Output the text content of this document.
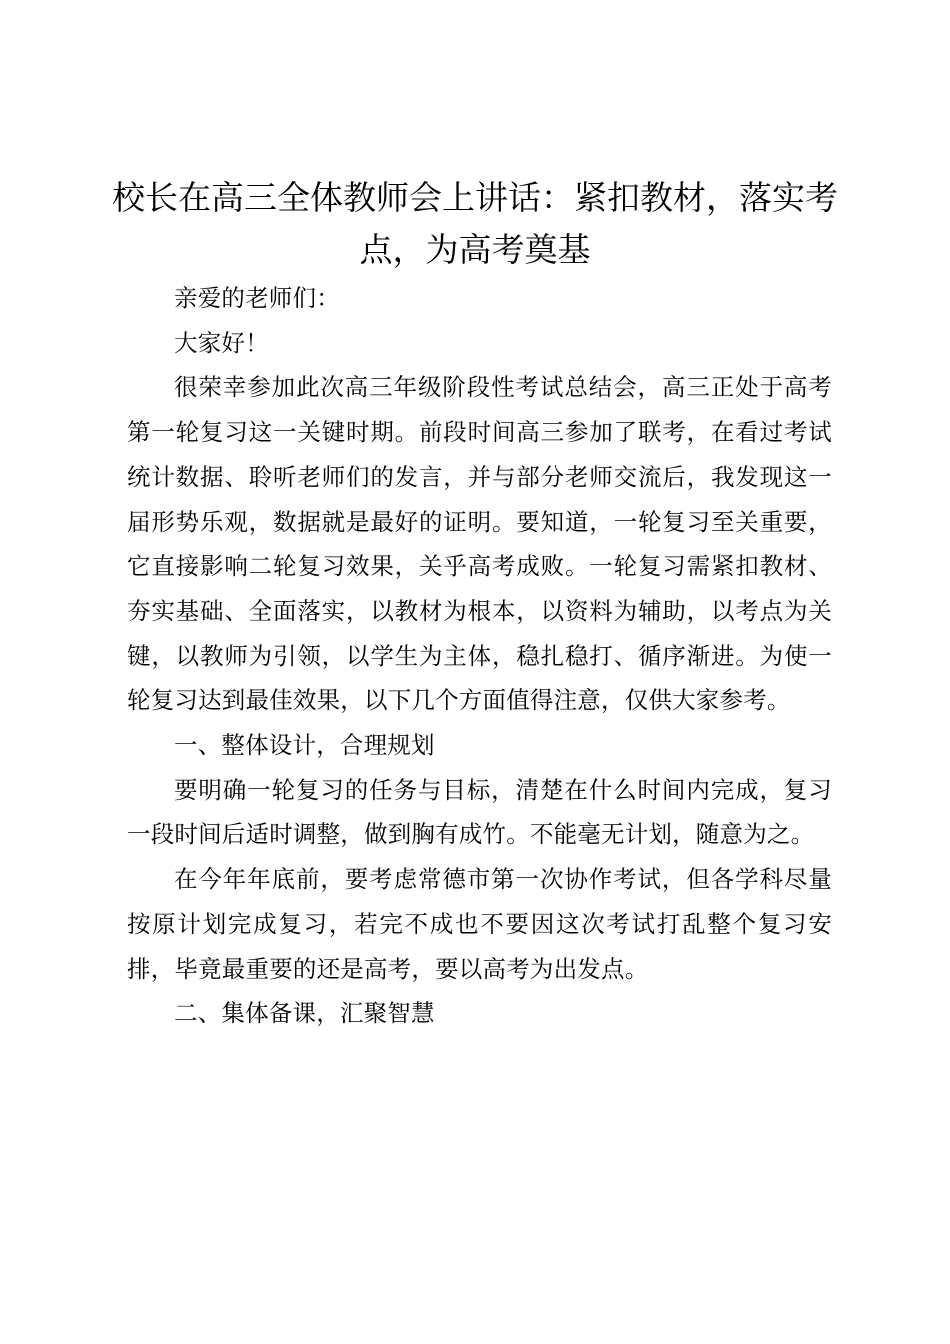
校长在高三全体教师会上讲话：紧扣教材，落实考点，为高考奠基

亲爱的老师们：

大家好！

很荣幸参加此次高三年级阶段性考试总结会，高三正处于高考第一轮复习这一关键时期。前段时间高三参加了联考，在看过考试统计数据、聆听老师们的发言，并与部分老师交流后，我发现这一届形势乐观，数据就是最好的证明。要知道，一轮复习至关重要，它直接影响二轮复习效果，关乎高考成败。一轮复习需紧扣教材、夯实基础、全面落实，以教材为根本，以资料为辅助，以考点为关键，以教师为引领，以学生为主体，稳扎稳打、循序渐进。为使一轮复习达到最佳效果，以下几个方面值得注意，仅供大家参考。

一、整体设计，合理规划

要明确一轮复习的任务与目标，清楚在什么时间内完成，复习一段时间后适时调整，做到胸有成竹。不能毫无计划，随意为之。

在今年年底前，要考虑常德市第一次协作考试，但各学科尽量按原计划完成复习，若完不成也不要因这次考试打乱整个复习安排，毕竟最重要的还是高考，要以高考为出发点。

二、集体备课，汇聚智慧
